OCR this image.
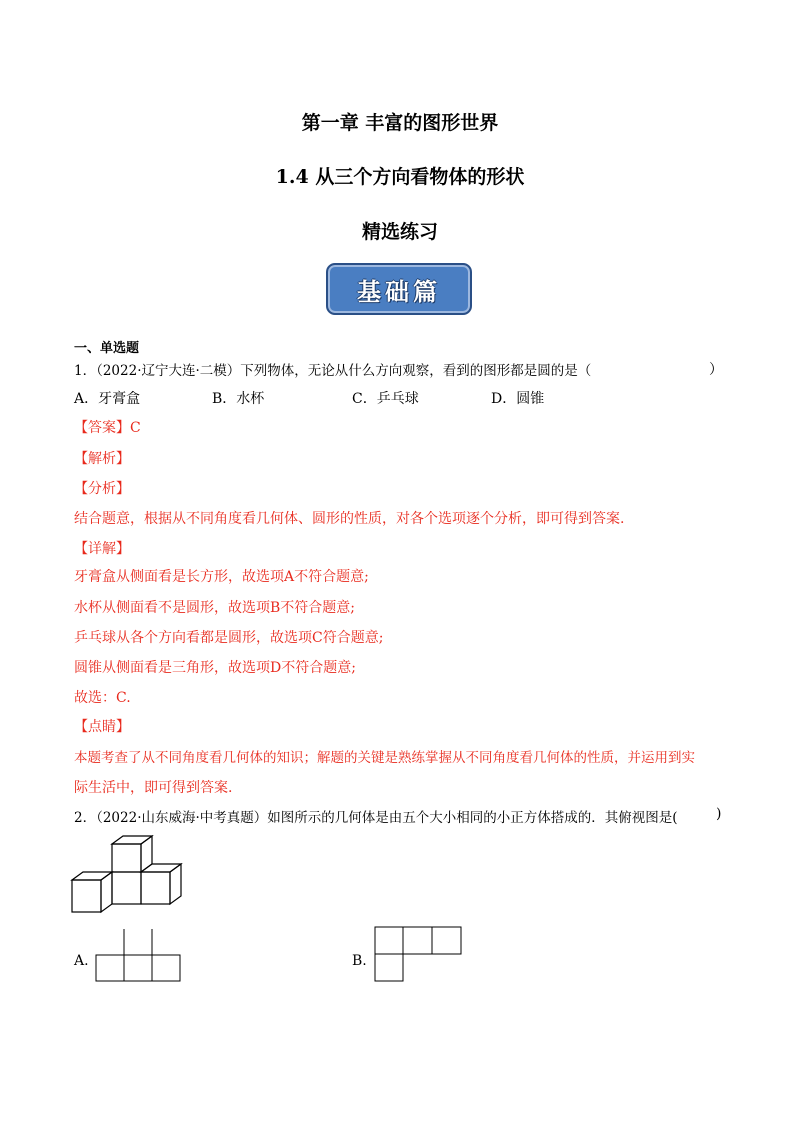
第一章 丰富的图形世界
1.4 从三个方向看物体的形状
精选练习
基础篇
一、单选题
1．（2022·辽宁大连·二模）下列物体，无论从什么方向观察，看到的图形都是圆的是（	）
A．牙膏盒	B．水杯	C．乒乓球	D．圆锥
【答案】C
【解析】
【分析】
结合题意，根据从不同角度看几何体、圆形的性质，对各个选项逐个分析，即可得到答案.
【详解】
牙膏盒从侧面看是长方形，故选项A不符合题意;
水杯从侧面看不是圆形，故选项B不符合题意;
乒乓球从各个方向看都是圆形，故选项C符合题意;
圆锥从侧面看是三角形，故选项D不符合题意;
故选：C.
【点睛】
本题考查了从不同角度看几何体的知识；解题的关键是熟练掌握从不同角度看几何体的性质，并运用到实
际生活中，即可得到答案.
2．（2022·山东威海·中考真题）如图所示的几何体是由五个大小相同的小正方体搭成的．其俯视图是(	)
A.	B.
